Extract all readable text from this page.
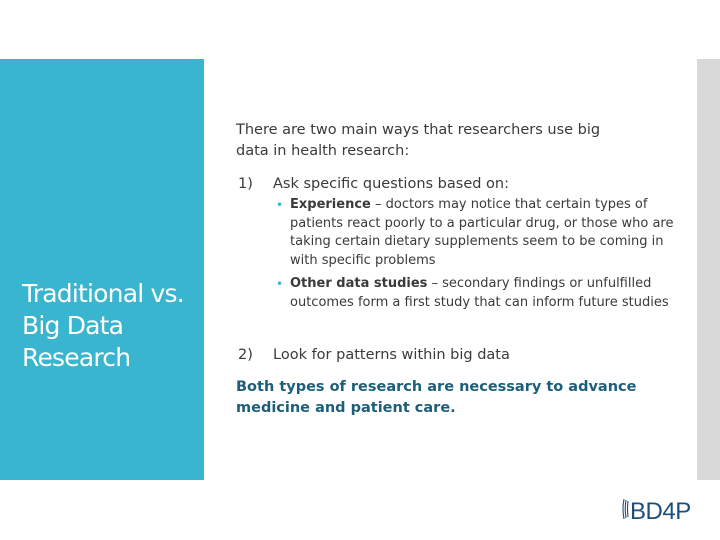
Traditional vs. Big Data Research
There are two main ways that researchers use big data in health research:
1) Ask specific questions based on:
• Experience – doctors may notice that certain types of patients react poorly to a particular drug, or those who are taking certain dietary supplements seem to be coming in with specific problems
• Other data studies – secondary findings or unfulfilled outcomes form a first study that can inform future studies
2) Look for patterns within big data
Both types of research are necessary to advance medicine and patient care.
BD4P
